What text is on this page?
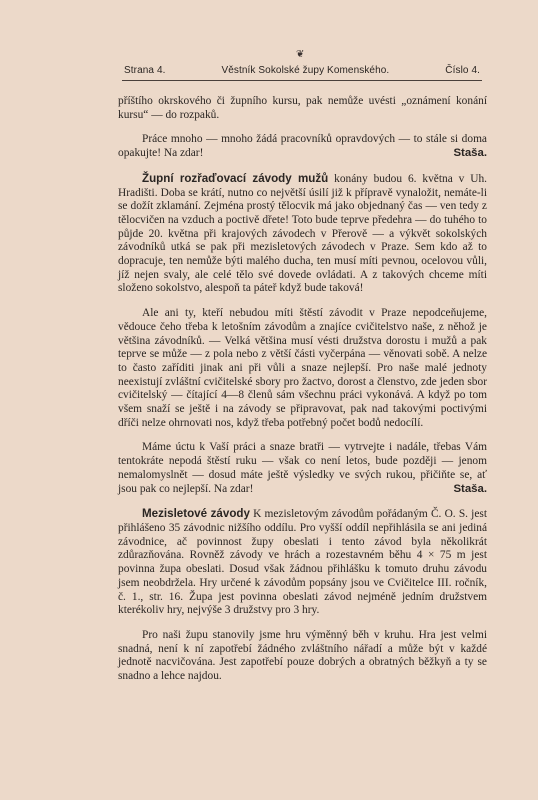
❦
Strana 4.	Věstník Sokolské župy Komenského.	Číslo 4.

příštího okrskového či župního kursu, pak nemůže uvésti „oznámení konání kursu“ — do rozpaků.

Práce mnoho — mnoho žádá pracovníků opravdových — to stále si doma opakujte! Na zdar!	Staša.

Župní rozřaďovací závody mužů konány budou 6. května v Uh. Hradišti. Doba se krátí, nutno co největší úsilí již k přípravě vynaložit, nemáte-li se dožít zklamání. Zejména prostý tělocvik má jako objednaný čas — ven tedy z tělocvičen na vzduch a poctivě dřete! Toto bude teprve předehra — do tuhého to půjde 20. května při krajových závodech v Přerově — a výkvět sokolských závodníků utká se pak při mezisletových závodech v Praze. Sem kdo až to dopracuje, ten nemůže býti malého ducha, ten musí míti pevnou, ocelovou vůli, jíž nejen svaly, ale celé tělo své dovede ovládati. A z takových chceme míti složeno sokolstvo, alespoň ta páteř když bude taková!

Ale ani ty, kteří nebudou míti štěstí závodit v Praze nepodceňujeme, vědouce čeho třeba k letošním závodům a znajíce cvičitelstvo naše, z něhož je většina závodníků. — Velká většina musí vésti družstva dorostu i mužů a pak teprve se může — z pola nebo z větší části vyčerpána — věnovati sobě. A nelze to často zaříditi jinak ani při vůli a snaze nejlepší. Pro naše malé jednoty neexistují zvláštní cvičitelské sbory pro žactvo, dorost a členstvo, zde jeden sbor cvičitelský — čítající 4—8 členů sám všechnu práci vykonává. A když po tom všem snaží se ještě i na závody se připravovat, pak nad takovými poctivými dříči nelze ohrnovati nos, když třeba potřebný počet bodů nedocílí.

Máme úctu k Vaší práci a snaze bratři — vytrvejte i nadále, třebas Vám tentokráte nepodá štěstí ruku — však co není letos, bude později — jenom nemalomyslnět — dosud máte ještě výsledky ve svých rukou, přičiňte se, ať jsou pak co nejlepší. Na zdar!	Staša.

Mezisletové závody K mezisletovým závodům pořádaným Č. O. S. jest přihlášeno 35 závodnic nižšího oddílu. Pro vyšší oddíl nepřihlásila se ani jediná závodnice, ač povinnost župy obeslati i tento závod byla několikrát zdůrazňována. Rovněž závody ve hrách a rozestavném běhu 4 × 75 m jest povinna župa obeslati. Dosud však žádnou přihlášku k tomuto druhu závodu jsem neobdržela. Hry určené k závodům popsány jsou ve Cvičitelce III. ročník, č. 1., str. 16. Župa jest povinna obeslati závod nejméně jedním družstvem kterékoliv hry, nejvýše 3 družstvy pro 3 hry.

Pro naši župu stanovily jsme hru výměnný běh v kruhu. Hra jest velmi snadná, není k ní zapotřebí žádného zvláštního nářadí a může být v každé jednotě nacvičována. Jest zapotřebí pouze dobrých a obratných běžkyň a ty se snadno a lehce najdou.
